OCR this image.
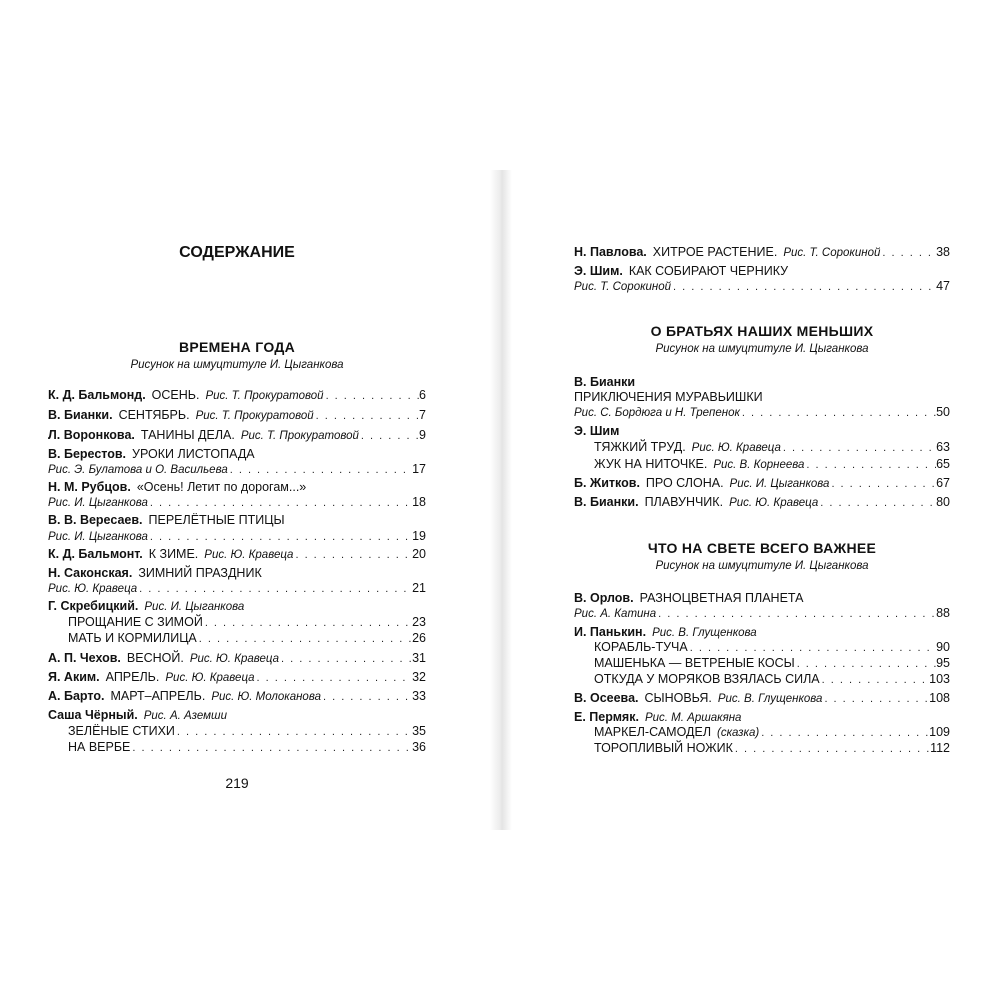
СОДЕРЖАНИЕ
ВРЕМЕНА ГОДА
Рисунок на шмуцтитуле И. Цыганкова
К. Д. Бальмонд. ОСЕНЬ. Рис. Т. Прокуратовой . . .	6
В. Бианки. СЕНТЯБРЬ. Рис. Т. Прокуратовой . . .	7
Л. Воронкова. ТАНИНЫ ДЕЛА. Рис. Т. Прокуратовой . . .	9
В. Берестов. УРОКИ ЛИСТОПАДА
Рис. Э. Булатова и О. Васильева . . .	17
Н. М. Рубцов. «Осень! Летит по дорогам...»
Рис. И. Цыганкова . . .	18
В. В. Вересаев. ПЕРЕЛЁТНЫЕ ПТИЦЫ
Рис. И. Цыганкова . . .	19
К. Д. Бальмонт. К ЗИМЕ. Рис. Ю. Кравеца . . .	20
Н. Саконская. ЗИМНИЙ ПРАЗДНИК
Рис. Ю. Кравеца . . .	21
Г. Скребицкий. Рис. И. Цыганкова
ПРОЩАНИЕ С ЗИМОЙ . . .	23
МАТЬ И КОРМИЛИЦА . . .	26
А. П. Чехов. ВЕСНОЙ. Рис. Ю. Кравеца . . .	31
Я. Аким. АПРЕЛЬ. Рис. Ю. Кравеца . . .	32
А. Барто. МАРТ–АПРЕЛЬ. Рис. Ю. Молоканова . . .	33
Саша Чёрный. Рис. А. Аземши
ЗЕЛЁНЫЕ СТИХИ . . .	35
НА ВЕРБЕ . . .	36
219
Н. Павлова. ХИТРОЕ РАСТЕНИЕ. Рис. Т. Сорокиной . . .	38
Э. Шим. КАК СОБИРАЮТ ЧЕРНИКУ
Рис. Т. Сорокиной . . .	47
О БРАТЬЯХ НАШИХ МЕНЬШИХ
Рисунок на шмуцтитуле И. Цыганкова
В. Бианки
ПРИКЛЮЧЕНИЯ МУРАВЬИШКИ
Рис. С. Бордюга и Н. Трепенок . . .	50
Э. Шим
ТЯЖКИЙ ТРУД. Рис. Ю. Кравеца . . .	63
ЖУК НА НИТОЧКЕ. Рис. В. Корнеева . . .	65
Б. Житков. ПРО СЛОНА. Рис. И. Цыганкова . . .	67
В. Бианки. ПЛАВУНЧИК. Рис. Ю. Кравеца . . .	80
ЧТО НА СВЕТЕ ВСЕГО ВАЖНЕЕ
Рисунок на шмуцтитуле И. Цыганкова
В. Орлов. РАЗНОЦВЕТНАЯ ПЛАНЕТА
Рис. А. Катина . . .	88
И. Панькин. Рис. В. Глущенкова
КОРАБЛЬ-ТУЧА . . .	90
МАШЕНЬКА — ВЕТРЕНЫЕ КОСЫ . . .	95
ОТКУДА У МОРЯКОВ ВЗЯЛАСЬ СИЛА . . .	103
В. Осеева. СЫНОВЬЯ. Рис. В. Глущенкова . . .	108
Е. Пермяк. Рис. М. Аршакяна
МАРКЕЛ-САМОДЕЛ (сказка) . . .	109
ТОРОПЛИВЫЙ НОЖИК . . .	112
